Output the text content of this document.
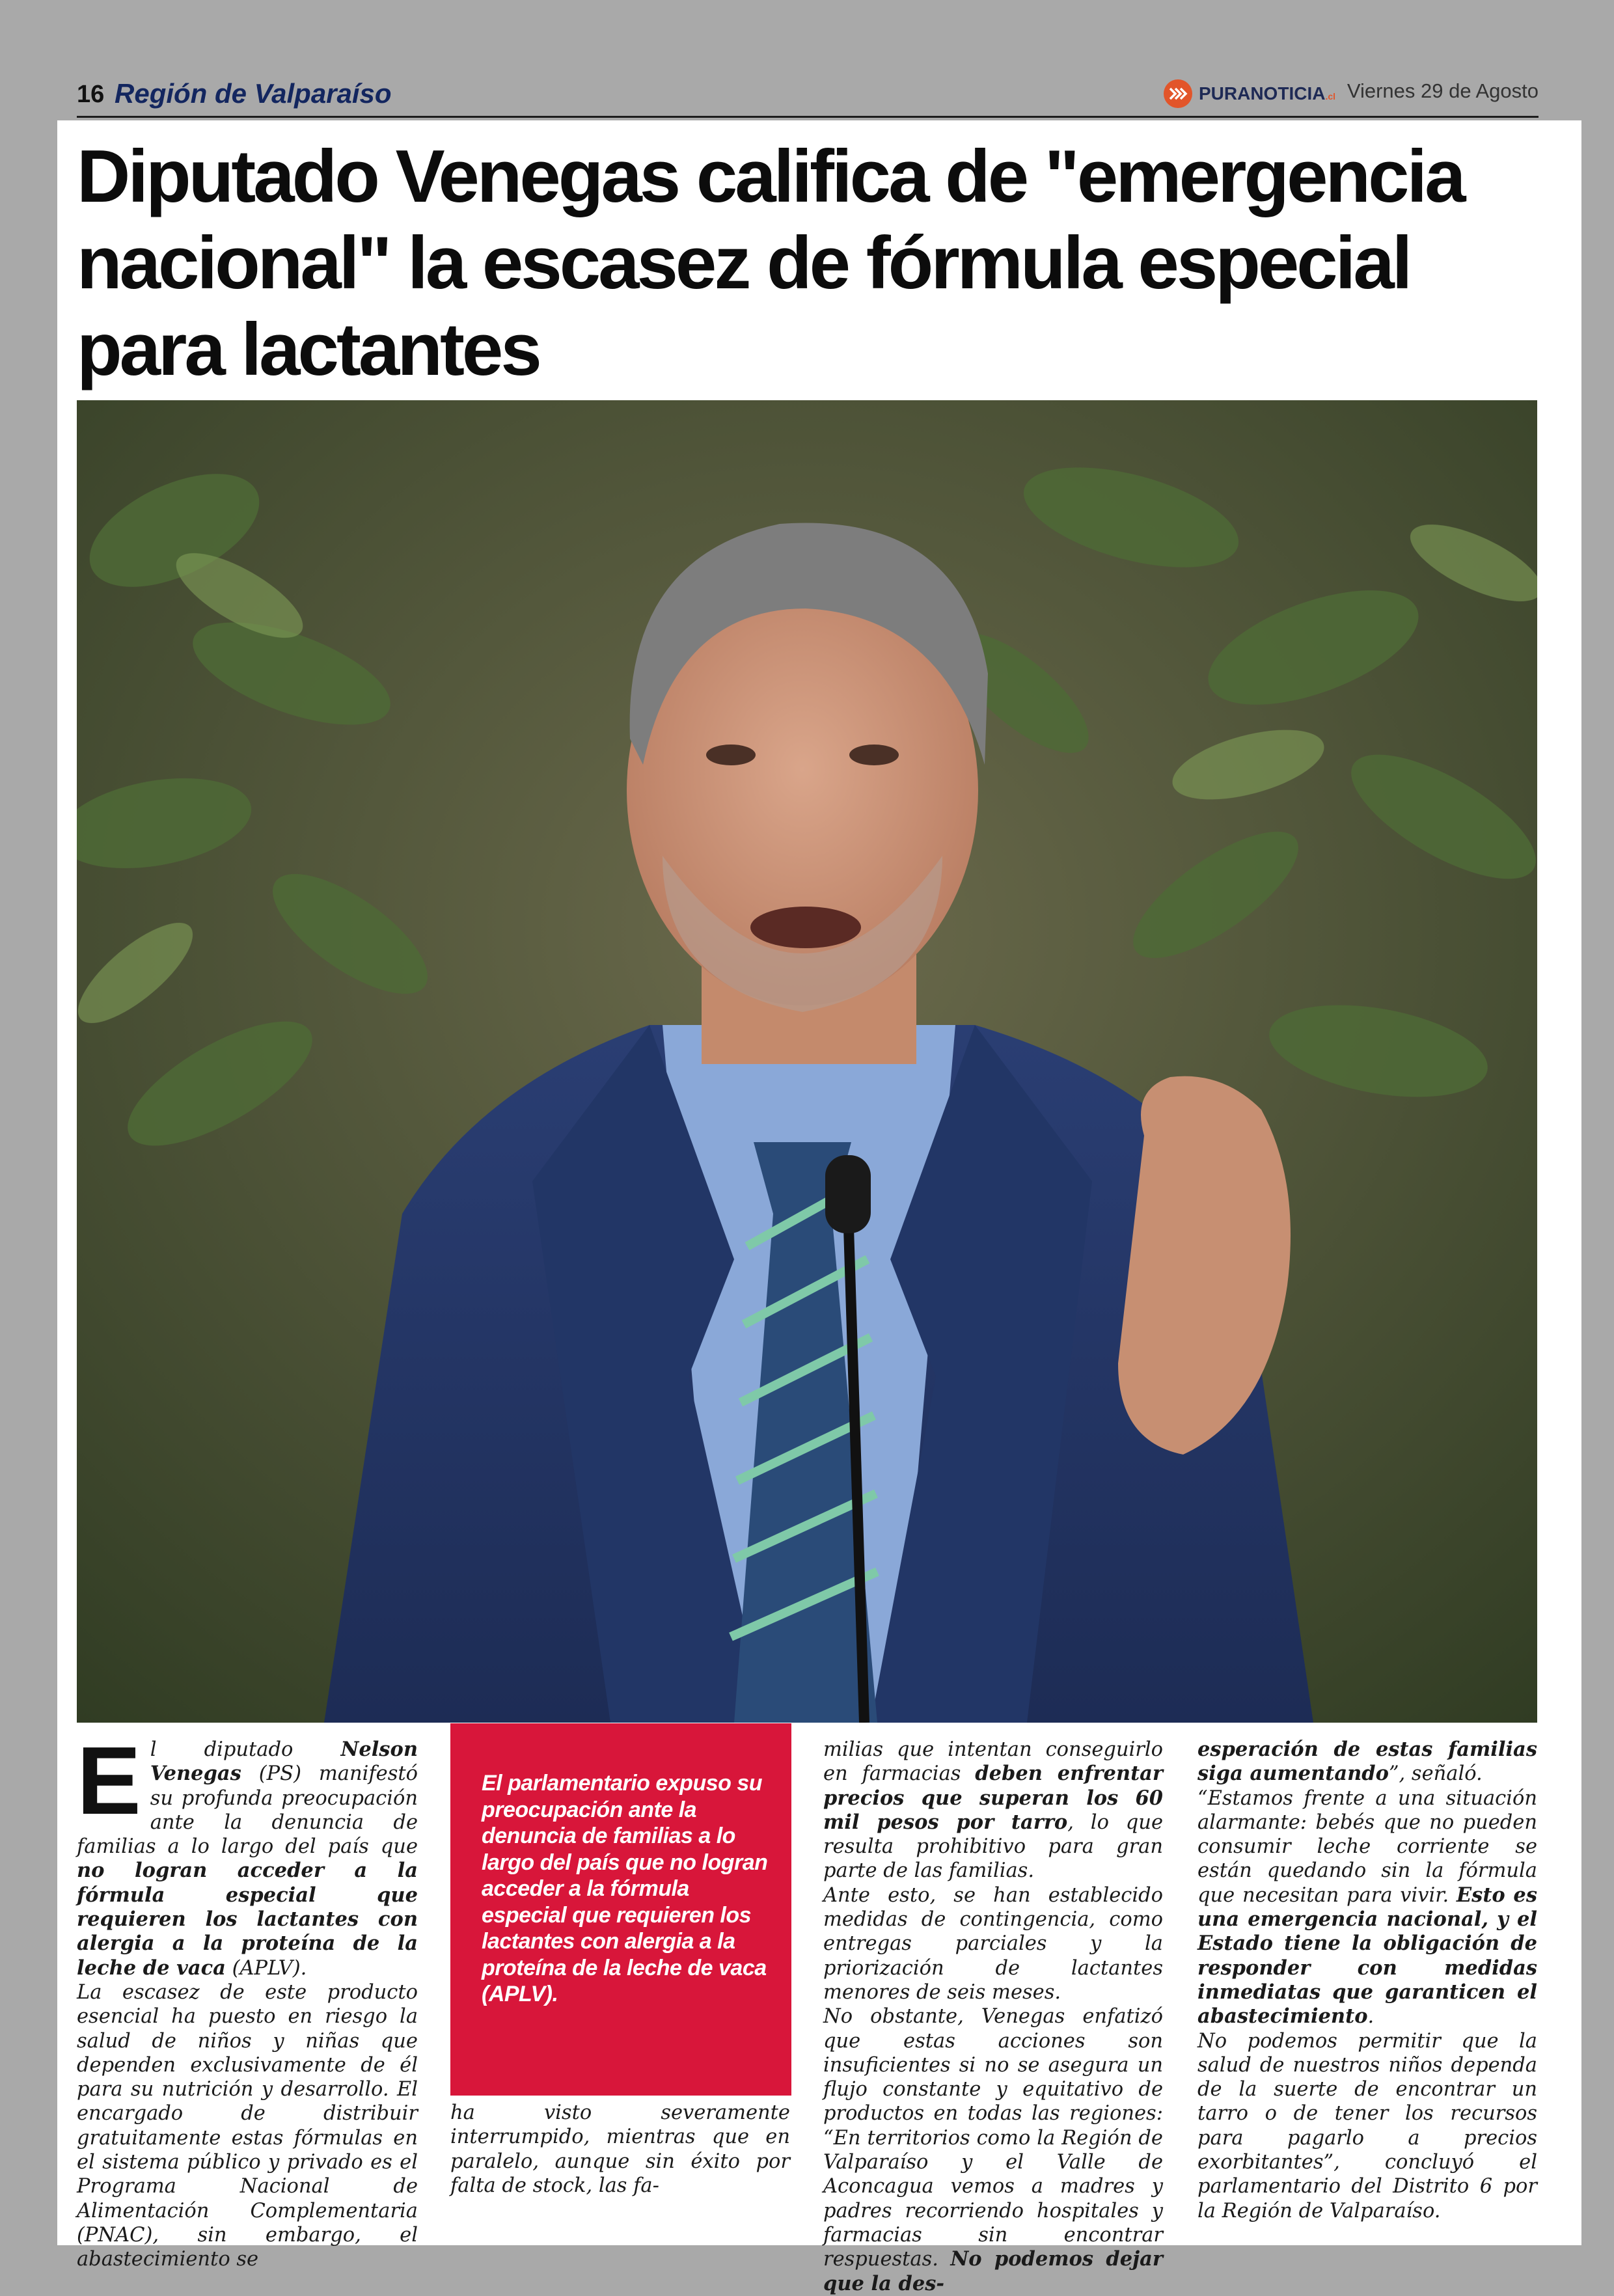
16 Región de Valparaíso	PURANOTICIA.cl Viernes 29 de Agosto
Diputado Venegas califica de "emergencia nacional" la escasez de fórmula especial para lactantes

El diputado Nelson Venegas (PS) manifestó su profunda preocupación ante la denuncia de familias a lo largo del país que no logran acceder a la fórmula especial que requieren los lactantes con alergia a la proteína de la leche de vaca (APLV).

La escasez de este producto esencial ha puesto en riesgo la salud de niños y niñas que dependen exclusivamente de él para su nutrición y desarrollo. El encargado de distribuir gratuitamente estas fórmulas en el sistema público y privado es el Programa Nacional de Alimentación Complementaria (PNAC), sin embargo, el abastecimiento se

El parlamentario expuso su preocupación ante la denuncia de familias a lo largo del país que no logran acceder a la fórmula especial que requieren los lactantes con alergia a la proteína de la leche de vaca (APLV).

ha visto severamente interrumpido, mientras que en paralelo, aunque sin éxito por falta de stock, las fa-

milias que intentan conseguirlo en farmacias deben enfrentar precios que superan los 60 mil pesos por tarro, lo que resulta prohibitivo para gran parte de las familias.

Ante esto, se han establecido medidas de contingencia, como entregas parciales y la priorización de lactantes menores de seis meses.

No obstante, Venegas enfatizó que estas acciones son insuficientes si no se asegura un flujo constante y equitativo de productos en todas las regiones: “En territorios como la Región de Valparaíso y el Valle de Aconcagua vemos a madres y padres recorriendo hospitales y farmacias sin encontrar respuestas. No podemos dejar que la des-

esperación de estas familias siga aumentando”, señaló.

“Estamos frente a una situación alarmante: bebés que no pueden consumir leche corriente se están quedando sin la fórmula que necesitan para vivir. Esto es una emergencia nacional, y el Estado tiene la obligación de responder con medidas inmediatas que garanticen el abastecimiento.

No podemos permitir que la salud de nuestros niños dependa de la suerte de encontrar un tarro o de tener los recursos para pagarlo a precios exorbitantes”, concluyó el parlamentario del Distrito 6 por la Región de Valparaíso.
